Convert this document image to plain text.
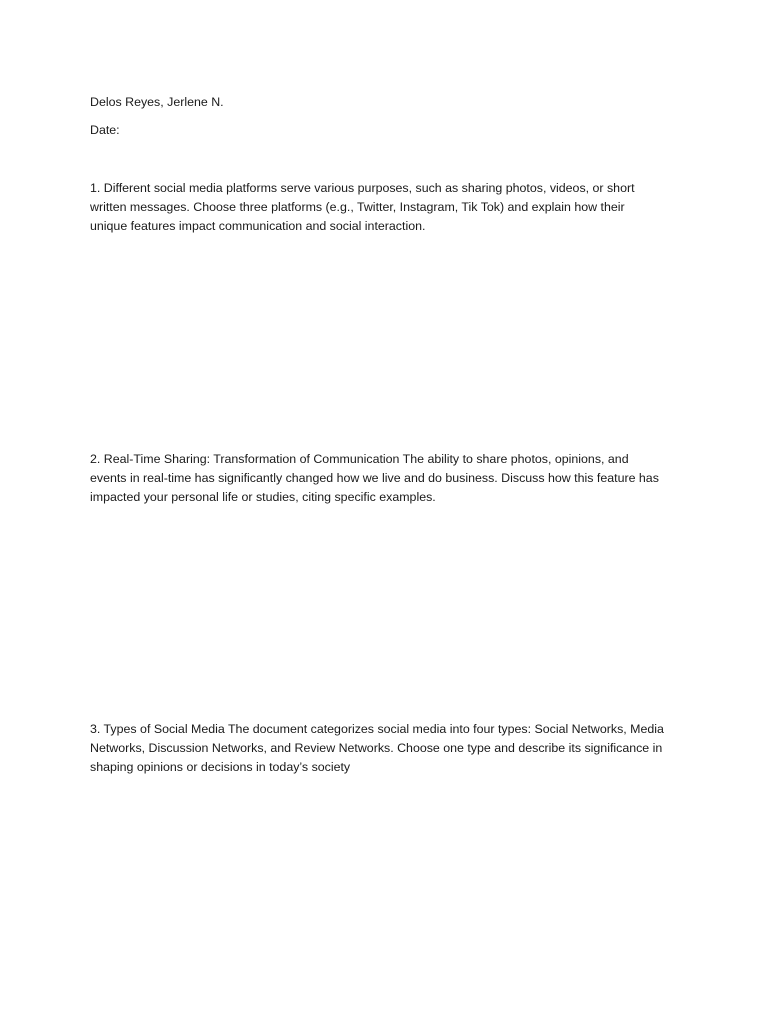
Delos Reyes, Jerlene N.

Date:

1. Different social media platforms serve various purposes, such as sharing photos, videos, or short
written messages. Choose three platforms (e.g., Twitter, Instagram, Tik Tok) and explain how their
unique features impact communication and social interaction.
2. Real-Time Sharing: Transformation of Communication The ability to share photos, opinions, and
events in real-time has significantly changed how we live and do business. Discuss how this feature has
impacted your personal life or studies, citing specific examples.
3. Types of Social Media The document categorizes social media into four types: Social Networks, Media
Networks, Discussion Networks, and Review Networks. Choose one type and describe its significance in
shaping opinions or decisions in today’s society
